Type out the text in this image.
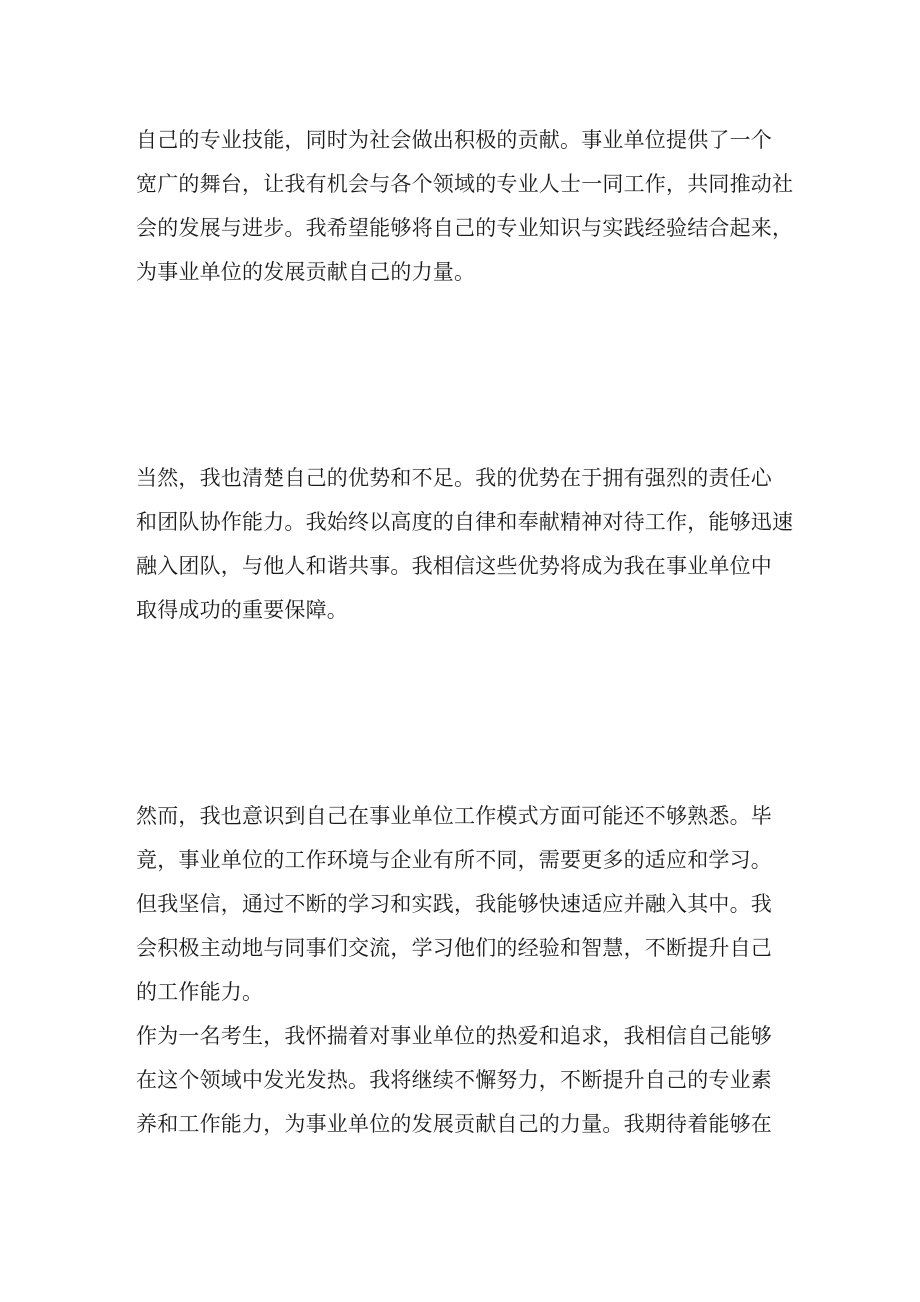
自己的专业技能，同时为社会做出积极的贡献。事业单位提供了一个
宽广的舞台，让我有机会与各个领域的专业人士一同工作，共同推动社
会的发展与进步。我希望能够将自己的专业知识与实践经验结合起来，
为事业单位的发展贡献自己的力量。

当然，我也清楚自己的优势和不足。我的优势在于拥有强烈的责任心
和团队协作能力。我始终以高度的自律和奉献精神对待工作，能够迅速
融入团队，与他人和谐共事。我相信这些优势将成为我在事业单位中
取得成功的重要保障。

然而，我也意识到自己在事业单位工作模式方面可能还不够熟悉。毕
竟，事业单位的工作环境与企业有所不同，需要更多的适应和学习。
但我坚信，通过不断的学习和实践，我能够快速适应并融入其中。我
会积极主动地与同事们交流，学习他们的经验和智慧，不断提升自己
的工作能力。
作为一名考生，我怀揣着对事业单位的热爱和追求，我相信自己能够
在这个领域中发光发热。我将继续不懈努力，不断提升自己的专业素
养和工作能力，为事业单位的发展贡献自己的力量。我期待着能够在
